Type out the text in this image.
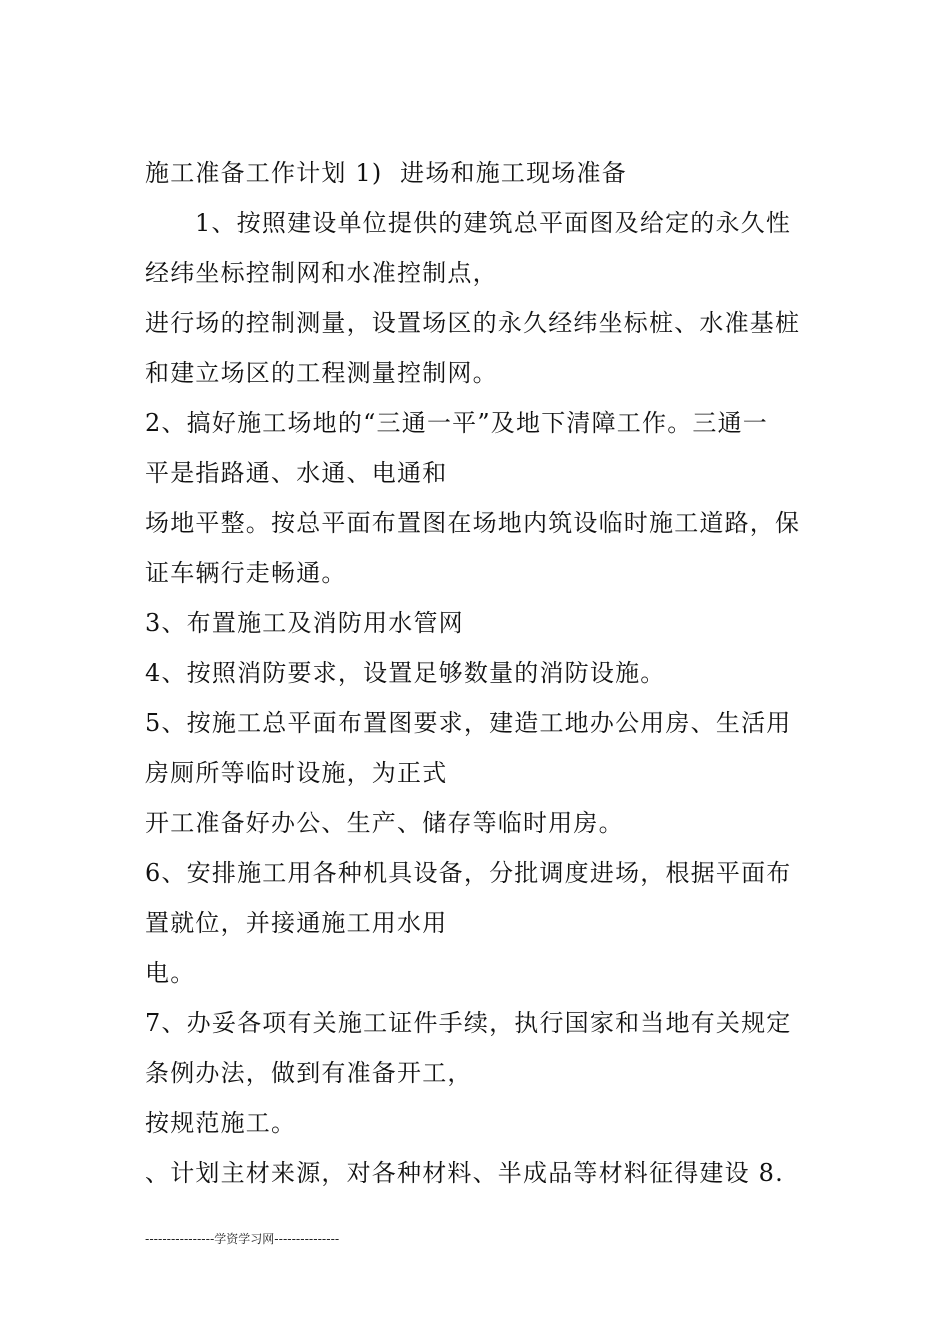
施工准备工作计划 1)  进场和施工现场准备
1、按照建设单位提供的建筑总平面图及给定的永久性
经纬坐标控制网和水准控制点，
进行场的控制测量，设置场区的永久经纬坐标桩、水准基桩
和建立场区的工程测量控制网。
2、搞好施工场地的“三通一平”及地下清障工作。三通一
平是指路通、水通、电通和
场地平整。按总平面布置图在场地内筑设临时施工道路，保
证车辆行走畅通。
3、布置施工及消防用水管网
4、按照消防要求，设置足够数量的消防设施。
5、按施工总平面布置图要求，建造工地办公用房、生活用
房厕所等临时设施，为正式
开工准备好办公、生产、储存等临时用房。
6、安排施工用各种机具设备，分批调度进场，根据平面布
置就位，并接通施工用水用
电。
7、办妥各项有关施工证件手续，执行国家和当地有关规定
条例办法，做到有准备开工，
按规范施工。
、计划主材来源，对各种材料、半成品等材料征得建设 8.
----------------学资学习网---------------
